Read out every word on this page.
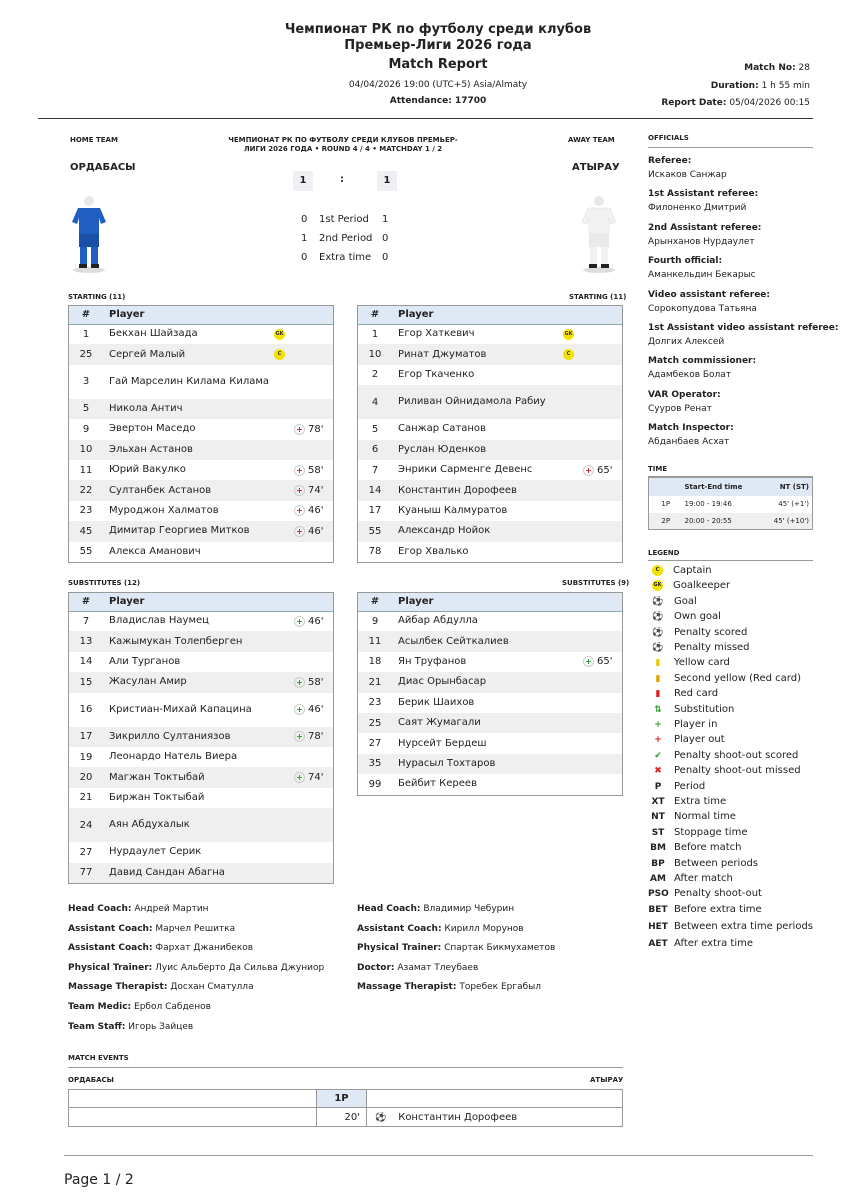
Чемпионат РК по футболу среди клубов
Премьер-Лиги 2026 года
Match Report
04/04/2026 19:00 (UTC+5) Asia/Almaty
Attendance: 17700
Match No: 28
Duration: 1 h 55 min
Report Date: 05/04/2026 00:15
HOME TEAM	AWAY TEAM
ЧЕМПИОНАТ РК ПО ФУТБОЛУ СРЕДИ КЛУБОВ ПРЕМЬЕР-ЛИГИ 2026 ГОДА • ROUND 4 / 4 • MATCHDAY 1 / 2
ОРДАБАСЫ	АТЫРАУ
1	:	1
0 1st Period 1
1 2nd Period 0
0 Extra time 0
STARTING (11)	STARTING (11)
#	Player
1	Бекхан Шайзада GK

25	Сергей Малый C

3	Гай Марселин Килама Килама

5	Никола Антич

9	Эвертон Маседо + 78'

10	Эльхан Астанов

11	Юрий Вакулко + 58'

22	Султанбек Астанов + 74'

23	Муроджон Халматов + 46'

45	Димитар Георгиев Митков + 46'

55	Алекса Аманович
#	Player
1	Егор Хаткевич GK

10	Ринат Джуматов C

2	Егор Ткаченко

4	Риливан Ойнидамола Рабиу

5	Санжар Сатанов

6	Руслан Юденков

7	Энрики Сарменге Девенс + 65'

14	Константин Дорофеев

17	Куаныш Калмуратов

55	Александр Нойок

78	Егор Хвалько
SUBSTITUTES (12)	SUBSTITUTES (9)
#	Player
7	Владислав Наумец + 46'

13	Кажымукан Толепберген

14	Али Турганов

15	Жасулан Амир + 58'

16	Кристиан-Михай Капацина + 46'

17	Зикрилло Султаниязов + 78'

19	Леонардо Натель Виера

20	Магжан Токтыбай + 74'

21	Биржан Токтыбай

24	Аян Абдухалык

27	Нурдаулет Серик

77	Давид Сандан Абагна
#	Player
9	Айбар Абдулла

11	Асылбек Сейткалиев

18	Ян Труфанов + 65'

21	Диас Орынбасар

23	Берик Шаихов

25	Саят Жумагали

27	Нурсейт Бердеш

35	Нурасыл Тохтаров

99	Бейбит Кереев
Head Coach: Андрей Мартин
Assistant Coach: Марчел Решитка
Assistant Coach: Фархат Джанибеков
Physical Trainer: Луис Альберто Да Сильва Джуниор
Massage Therapist: Досхан Сматулла
Team Medic: Ербол Сабденов
Team Staff: Игорь Зайцев
Head Coach: Владимир Чебурин
Assistant Coach: Кирилл Морунов
Physical Trainer: Спартак Бикмухаметов
Doctor: Азамат Тлеубаев
Massage Therapist: Торебек Ергабыл
OFFICIALS
Referee:
Искаков Санжар
1st Assistant referee:
Филоненко Дмитрий
2nd Assistant referee:
Арынханов Нурдаулет
Fourth official:
Аманкельдин Бекарыс
Video assistant referee:
Сорокопудова Татьяна
1st Assistant video assistant referee:
Долгих Алексей
Match commissioner:
Адамбеков Болат
VAR Operator:
Сууров Ренат
Match Inspector:
Абданбаев Асхат
TIME
	Start-End time	NT (ST)
1P	19:00 - 19:46	45' (+1')
2P	20:00 - 20:55	45' (+10')
LEGEND
C Captain
GK Goalkeeper
⚽ Goal
⚽ Own goal
⚽ Penalty scored
⚽ Penalty missed
▮ Yellow card
▮ Second yellow (Red card)
▮ Red card
⇅ Substitution
+ Player in
+ Player out
✔ Penalty shoot-out scored
✖ Penalty shoot-out missed
P Period
XT Extra time
NT Normal time
ST Stoppage time
BM Before match
BP Between periods
AM After match
PSO Penalty shoot-out
BET Before extra time
HET Between extra time periods
AET After extra time
MATCH EVENTS
ОРДАБАСЫ	АТЫРАУ
	1P	
	20'	⚽ Константин Дорофеев
Page 1 / 2
